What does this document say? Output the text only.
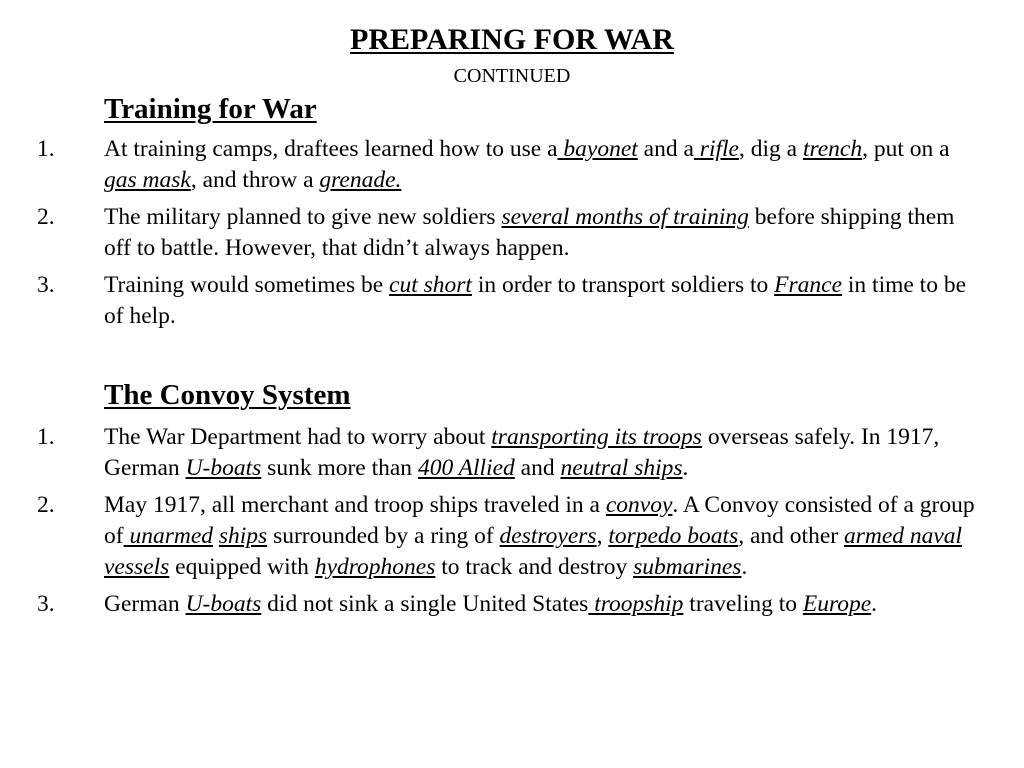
PREPARING FOR WAR
CONTINUED
Training for War
1. At training camps, draftees learned how to use a bayonet and a rifle, dig a trench, put on a gas mask, and throw a grenade.
2. The military planned to give new soldiers several months of training before shipping them off to battle. However, that didn’t always happen.
3. Training would sometimes be cut short in order to transport soldiers to France in time to be of help.
The Convoy System
1. The War Department had to worry about transporting its troops overseas safely. In 1917, German U-boats sunk more than 400 Allied and neutral ships.
2. May 1917, all merchant and troop ships traveled in a convoy. A Convoy consisted of a group of unarmed ships surrounded by a ring of destroyers, torpedo boats, and other armed naval vessels equipped with hydrophones to track and destroy submarines.
3. German U-boats did not sink a single United States troopship traveling to Europe.
